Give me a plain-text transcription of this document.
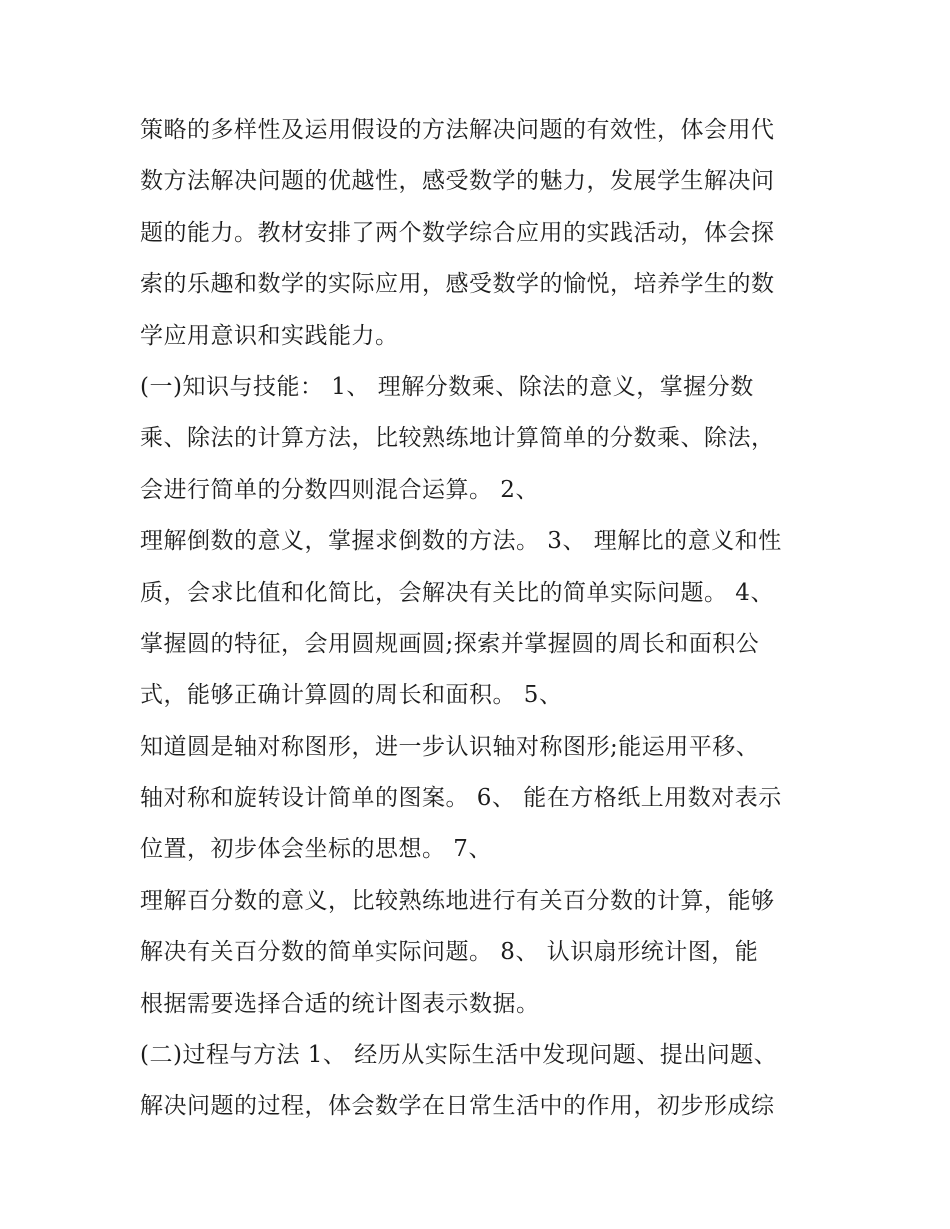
策略的多样性及运用假设的方法解决问题的有效性，体会用代
数方法解决问题的优越性，感受数学的魅力，发展学生解决问
题的能力。教材安排了两个数学综合应用的实践活动，体会探
索的乐趣和数学的实际应用，感受数学的愉悦，培养学生的数
学应用意识和实践能力。
(一)知识与技能： 1、 理解分数乘、除法的意义，掌握分数
乘、除法的计算方法，比较熟练地计算简单的分数乘、除法，
会进行简单的分数四则混合运算。 2、
理解倒数的意义，掌握求倒数的方法。 3、 理解比的意义和性
质，会求比值和化简比，会解决有关比的简单实际问题。 4、
掌握圆的特征，会用圆规画圆;探索并掌握圆的周长和面积公
式，能够正确计算圆的周长和面积。 5、
知道圆是轴对称图形，进一步认识轴对称图形;能运用平移、
轴对称和旋转设计简单的图案。 6、 能在方格纸上用数对表示
位置，初步体会坐标的思想。 7、
理解百分数的意义，比较熟练地进行有关百分数的计算，能够
解决有关百分数的简单实际问题。 8、 认识扇形统计图，能
根据需要选择合适的统计图表示数据。
(二)过程与方法 1、 经历从实际生活中发现问题、提出问题、
解决问题的过程，体会数学在日常生活中的作用，初步形成综
